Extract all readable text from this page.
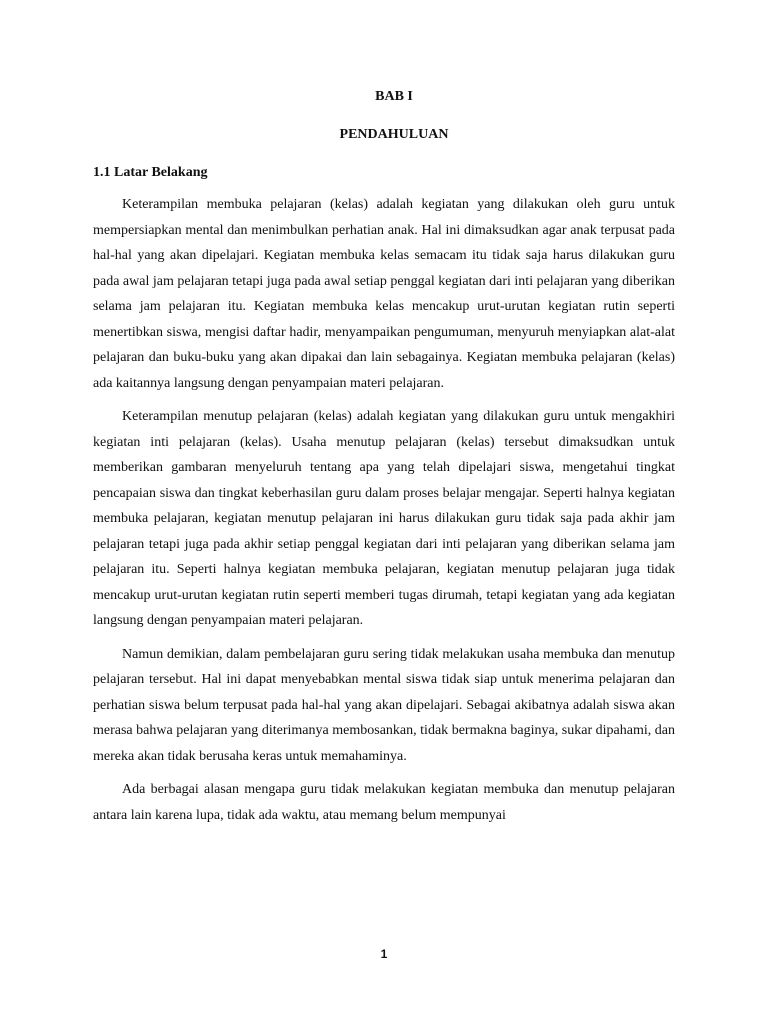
BAB I
PENDAHULUAN
1.1 Latar Belakang

Keterampilan membuka pelajaran (kelas) adalah kegiatan yang dilakukan oleh guru untuk mempersiapkan mental dan menimbulkan perhatian anak. Hal ini dimaksudkan agar anak terpusat pada hal-hal yang akan dipelajari. Kegiatan membuka kelas semacam itu tidak saja harus dilakukan guru pada awal jam pelajaran tetapi juga pada awal setiap penggal kegiatan dari inti pelajaran yang diberikan selama jam pelajaran itu. Kegiatan membuka kelas mencakup urut-urutan kegiatan rutin seperti menertibkan siswa, mengisi daftar hadir, menyampaikan pengumuman, menyuruh menyiapkan alat-alat pelajaran dan buku-buku yang akan dipakai dan lain sebagainya. Kegiatan membuka pelajaran (kelas) ada kaitannya langsung dengan penyampaian materi pelajaran.

Keterampilan menutup pelajaran (kelas) adalah kegiatan yang dilakukan guru untuk mengakhiri kegiatan inti pelajaran (kelas). Usaha menutup pelajaran (kelas) tersebut dimaksudkan untuk memberikan gambaran menyeluruh tentang apa yang telah dipelajari siswa, mengetahui tingkat pencapaian siswa dan tingkat keberhasilan guru dalam proses belajar mengajar. Seperti halnya kegiatan membuka pelajaran, kegiatan menutup pelajaran ini harus dilakukan guru tidak saja pada akhir jam pelajaran tetapi juga pada akhir setiap penggal kegiatan dari inti pelajaran yang diberikan selama jam pelajaran itu. Seperti halnya kegiatan membuka pelajaran, kegiatan menutup pelajaran juga tidak mencakup urut-urutan kegiatan rutin seperti memberi tugas dirumah, tetapi kegiatan yang ada kegiatan langsung dengan penyampaian materi pelajaran.

Namun demikian, dalam pembelajaran guru sering tidak melakukan usaha membuka dan menutup pelajaran tersebut. Hal ini dapat menyebabkan mental siswa tidak siap untuk menerima pelajaran dan perhatian siswa belum terpusat pada hal-hal yang akan dipelajari. Sebagai akibatnya adalah siswa akan merasa bahwa pelajaran yang diterimanya membosankan, tidak bermakna baginya, sukar dipahami, dan mereka akan tidak berusaha keras untuk memahaminya.

Ada berbagai alasan mengapa guru tidak melakukan kegiatan membuka dan menutup pelajaran antara lain karena lupa, tidak ada waktu, atau memang belum mempunyai

1
